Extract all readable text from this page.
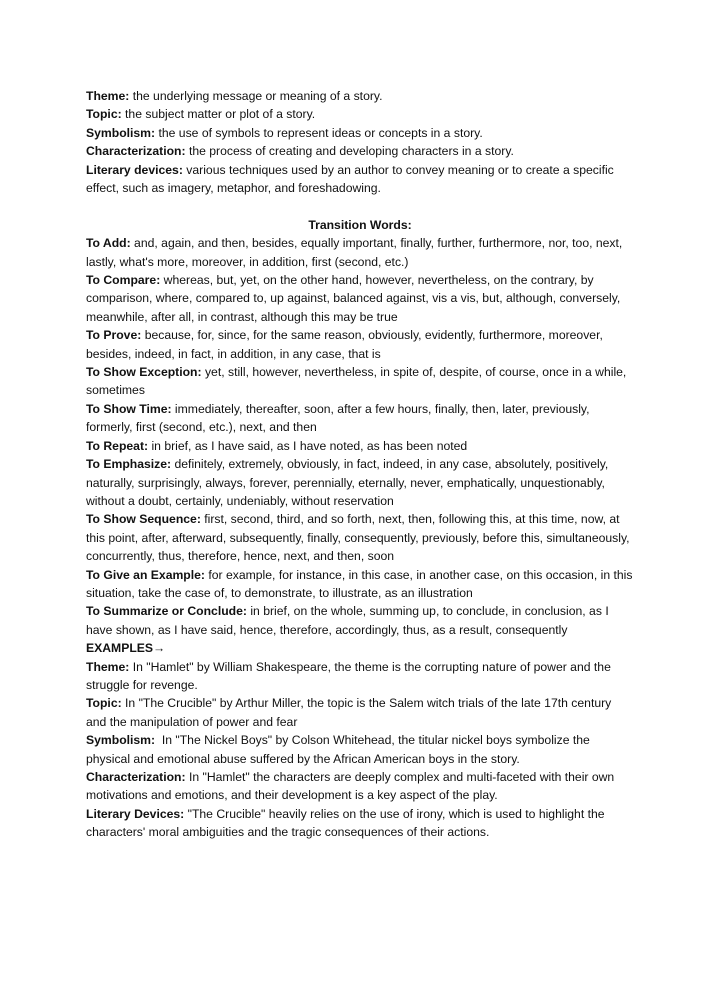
Theme: the underlying message or meaning of a story.

Topic: the subject matter or plot of a story.

Symbolism: the use of symbols to represent ideas or concepts in a story.

Characterization: the process of creating and developing characters in a story.

Literary devices: various techniques used by an author to convey meaning or to create a specific effect, such as imagery, metaphor, and foreshadowing.

Transition Words:

To Add: and, again, and then, besides, equally important, finally, further, furthermore, nor, too, next, lastly, what's more, moreover, in addition, first (second, etc.)

To Compare: whereas, but, yet, on the other hand, however, nevertheless, on the contrary, by comparison, where, compared to, up against, balanced against, vis a vis, but, although, conversely, meanwhile, after all, in contrast, although this may be true

To Prove: because, for, since, for the same reason, obviously, evidently, furthermore, moreover, besides, indeed, in fact, in addition, in any case, that is

To Show Exception: yet, still, however, nevertheless, in spite of, despite, of course, once in a while, sometimes

To Show Time: immediately, thereafter, soon, after a few hours, finally, then, later, previously, formerly, first (second, etc.), next, and then

To Repeat: in brief, as I have said, as I have noted, as has been noted

To Emphasize: definitely, extremely, obviously, in fact, indeed, in any case, absolutely, positively, naturally, surprisingly, always, forever, perennially, eternally, never, emphatically, unquestionably, without a doubt, certainly, undeniably, without reservation

To Show Sequence: first, second, third, and so forth, next, then, following this, at this time, now, at this point, after, afterward, subsequently, finally, consequently, previously, before this, simultaneously, concurrently, thus, therefore, hence, next, and then, soon

To Give an Example: for example, for instance, in this case, in another case, on this occasion, in this situation, take the case of, to demonstrate, to illustrate, as an illustration

To Summarize or Conclude: in brief, on the whole, summing up, to conclude, in conclusion, as I have shown, as I have said, hence, therefore, accordingly, thus, as a result, consequently

EXAMPLES→

Theme: In "Hamlet" by William Shakespeare, the theme is the corrupting nature of power and the struggle for revenge.

Topic: In "The Crucible" by Arthur Miller, the topic is the Salem witch trials of the late 17th century and the manipulation of power and fear

Symbolism:  In "The Nickel Boys" by Colson Whitehead, the titular nickel boys symbolize the physical and emotional abuse suffered by the African American boys in the story.

Characterization: In "Hamlet" the characters are deeply complex and multi-faceted with their own motivations and emotions, and their development is a key aspect of the play.

Literary Devices: "The Crucible" heavily relies on the use of irony, which is used to highlight the characters' moral ambiguities and the tragic consequences of their actions.
